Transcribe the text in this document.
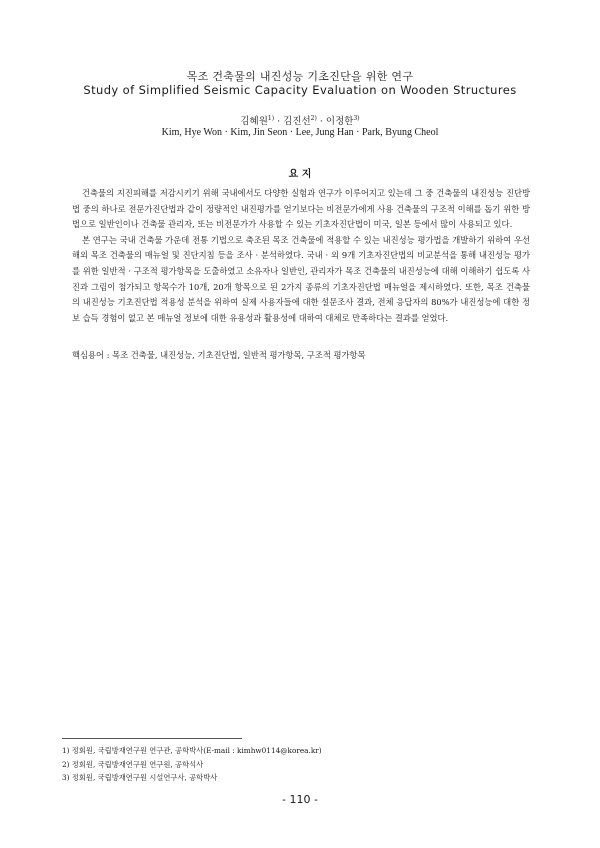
목조 건축물의 내진성능 기초진단을 위한 연구
Study of Simplified Seismic Capacity Evaluation on Wooden Structures
김혜원$^{1)}$ · 김진선$^{2)}$ · 이정한$^{3)}$
Kim, Hye Won · Kim, Jin Seon · Lee, Jung Han · Park, Byung Cheol
요 지

건축물의 지진피해를 저감시키기 위해 국내에서도 다양한 실험과 연구가 이루어지고 있는데 그 중 건축물의 내진성능 진단방법 중의 하나로 전문가진단법과 같이 정량적인 내진평가를 얻기보다는 비전문가에게 사용 건축물의 구조적 이해를 돕기 위한 방법으로 일반인이나 건축물 관리자, 또는 비전문가가 사용할 수 있는 기초자진단법이 미국, 일본 등에서 많이 사용되고 있다.

본 연구는 국내 건축물 가운데 전통 기법으로 축조된 목조 건축물에 적용할 수 있는 내진성능 평가법을 개발하기 위하여 우선 해외 목조 건축물의 매뉴얼 및 진단지침 등을 조사 · 분석하였다. 국내 · 외 9개 기초자진단법의 비교분석을 통해 내진성능 평가를 위한 일반적 · 구조적 평가항목을 도출하였고 소유자나 일반인, 관리자가 목조 건축물의 내진성능에 대해 이해하기 쉽도록 사진과 그림이 첨가되고 항목수가 10개, 20개 항목으로 된 2가지 종류의 기초자진단법 매뉴얼을 제시하였다. 또한, 목조 건축물의 내진성능 기초진단법 적용성 분석을 위하여 실제 사용자들에 대한 설문조사 결과, 전체 응답자의 80%가 내진성능에 대한 정보 습득 경험이 없고 본 매뉴얼 정보에 대한 유용성과 활용성에 대하여 대체로 만족하다는 결과를 얻었다.

핵심용어 : 목조 건축물, 내진성능, 기초진단법, 일반적 평가항목, 구조적 평가항목
1) 정회원, 국립방재연구원 연구관, 공학박사(E-mail : kimhw0114@korea.kr)
2) 정회원, 국립방재연구원 연구원, 공학석사
3) 정회원, 국립방재연구원 시설연구사, 공학박사
- 110 -
